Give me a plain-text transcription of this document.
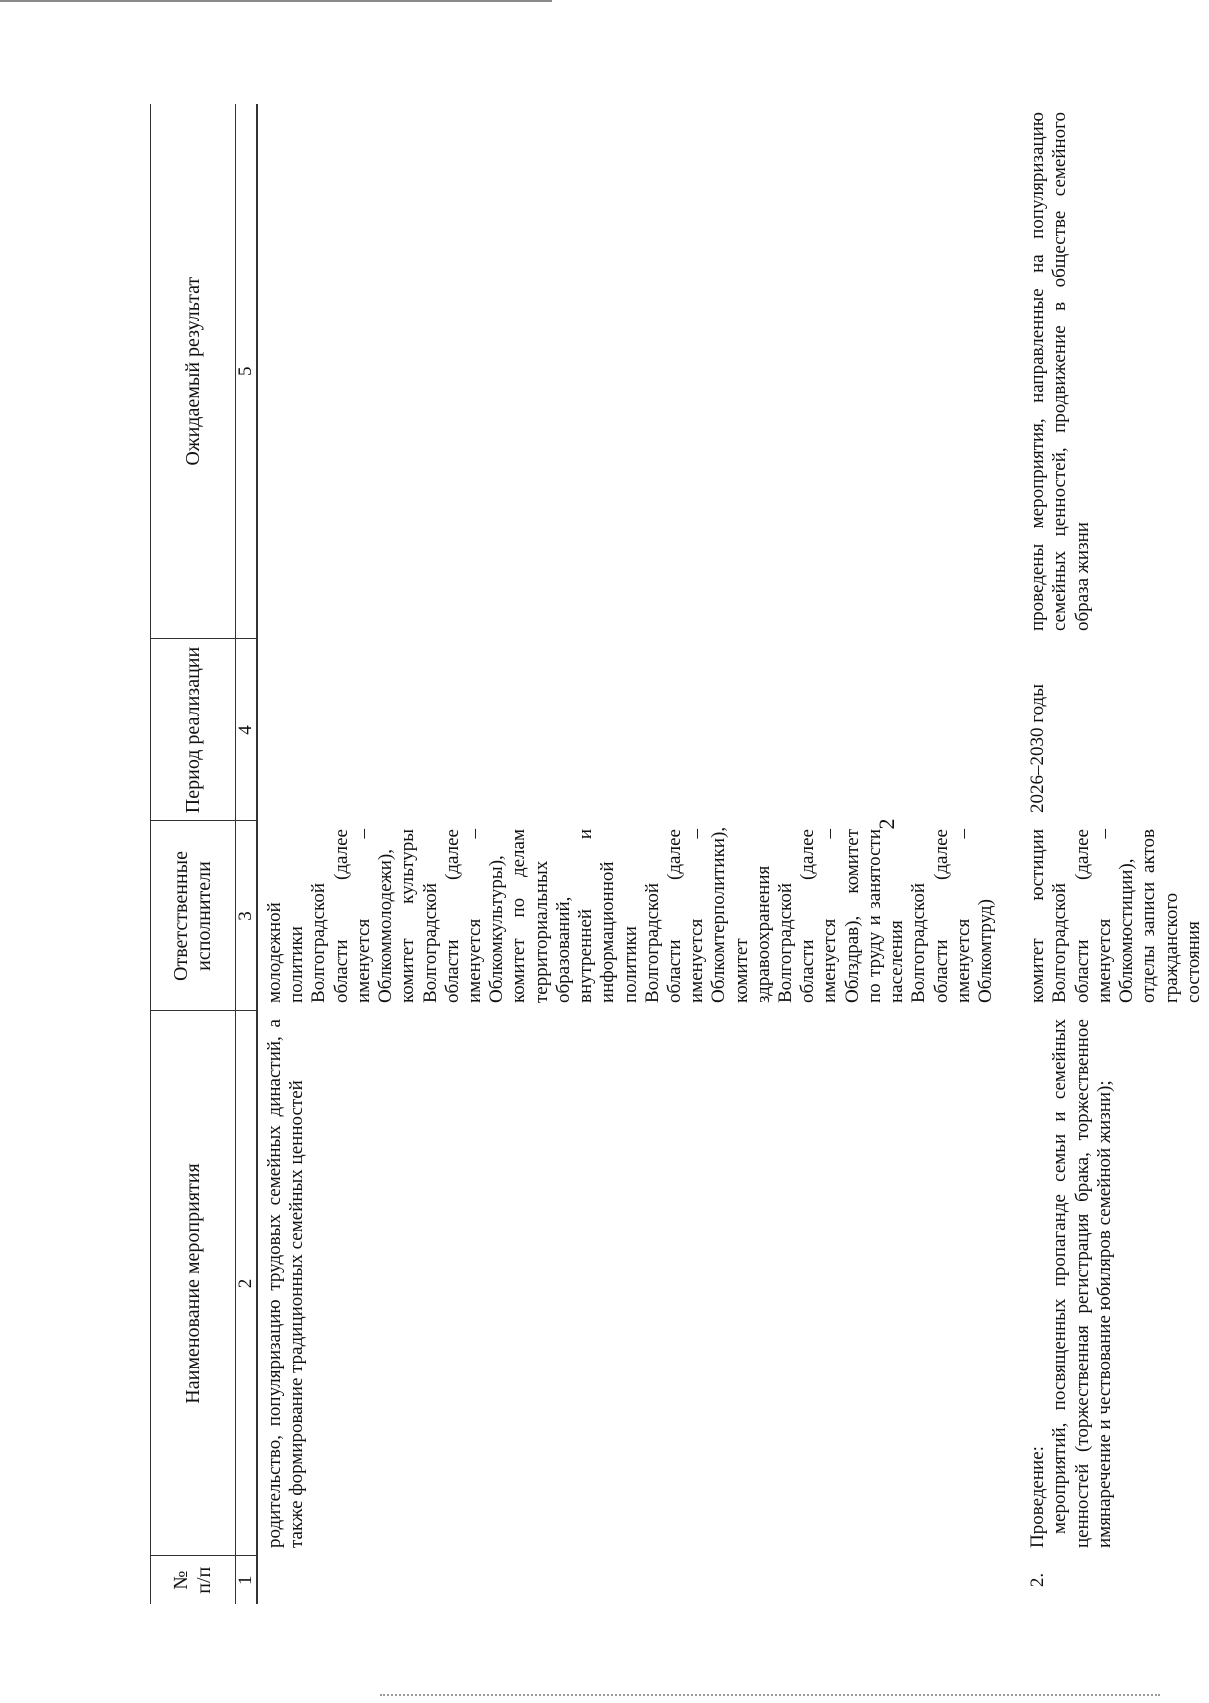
2
№ п/п	Наименование мероприятия	Ответственные исполнители	Период реализации	Ожидаемый результат
1	2	3	4	5
	родительство, популяризацию трудовых семейных династий, а также формирование традиционных семейных ценностей	молодежной политики Волгоградской области (далее именуется – Облкоммолодежи), комитет культуры Волгоградской области (далее именуется – Облкомкультуры), комитет по делам территориальных образований, внутренней и информационной политики Волгоградской области (далее именуется – Облкомтерполитики), комитет здравоохранения Волгоградской области (далее именуется – Облздрав), комитет по труду и занятости населения Волгоградской области (далее именуется – Облкомтруд)		
2.	Проведение: мероприятий, посвященных пропаганде семьи и семейных ценностей (торжественная регистрация брака, торжественное имянаречение и чествование юбиляров семейной жизни);	комитет юстиции Волгоградской области (далее именуется – Облкомюстиции), отделы записи актов гражданского состояния	2026–2030 годы	проведены мероприятия, направленные на популяризацию семейных ценностей, продвижение в обществе семейного образа жизни
